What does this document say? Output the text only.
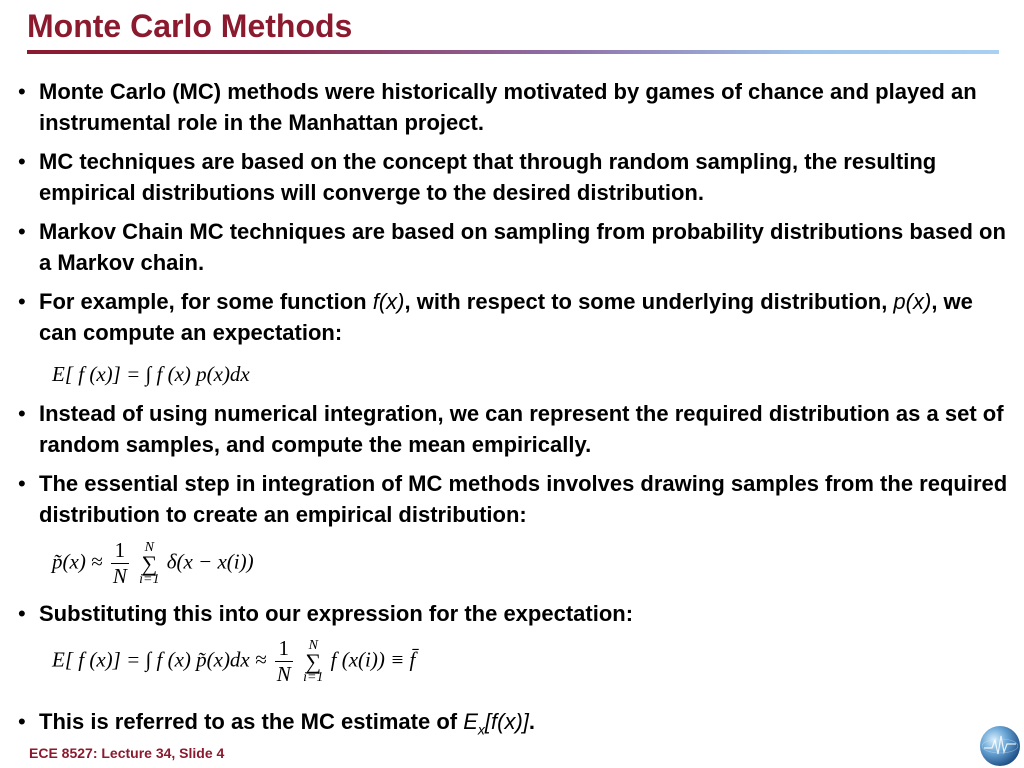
Monte Carlo Methods
• Monte Carlo (MC) methods were historically motivated by games of chance and played an instrumental role in the Manhattan project.
• MC techniques are based on the concept that through random sampling, the resulting empirical distributions will converge to the desired distribution.
• Markov Chain MC techniques are based on sampling from probability distributions based on a Markov chain.
• For example, for some function f(x), with respect to some underlying distribution, p(x), we can compute an expectation:
E[ f (x)] = ∫ f (x) p(x)dx
• Instead of using numerical integration, we can represent the required distribution as a set of random samples, and compute the mean empirically.
• The essential step in integration of MC methods involves drawing samples from the required distribution to create an empirical distribution:
p̃(x) ≈ $\frac{1}{N}$ N
∑
i=1 δ(x − x(i))
• Substituting this into our expression for the expectation:
E[ f (x)] = ∫ f (x) p̃(x)dx ≈ $\frac{1}{N}$ N
∑
i=1 f (x(i)) ≡ f̄
• This is referred to as the MC estimate of $E_x[f(x)]$.
ECE 8527: Lecture 34, Slide 4
